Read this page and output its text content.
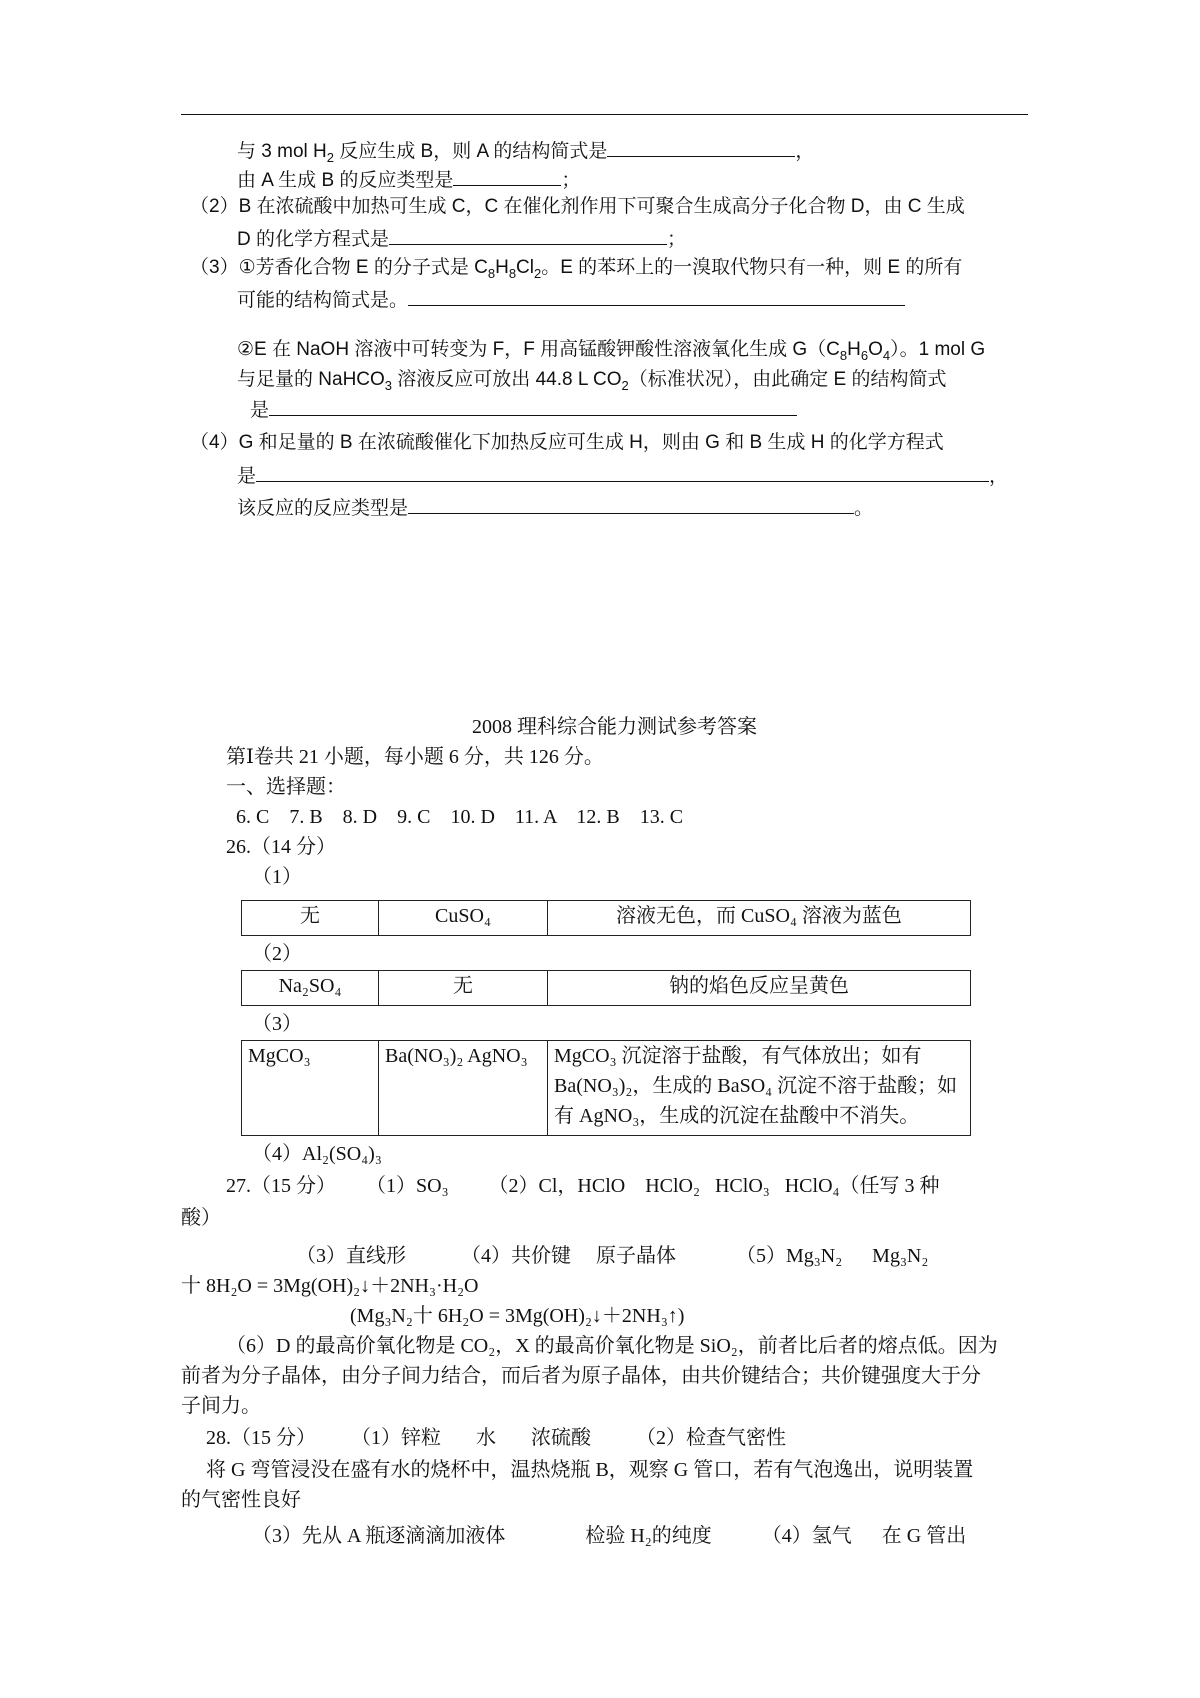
与 3 mol $H_2$ 反应生成 B，则 A 的结构简式是	，
由 A 生成 B 的反应类型是	；
（2）B 在浓硫酸中加热可生成 C，C 在催化剂作用下可聚合生成高分子化合物 D，由 C 生成
D 的化学方程式是	；
（3）①芳香化合物 E 的分子式是 $C_8H_8Cl_2$。E 的苯环上的一溴取代物只有一种，则 E 的所有
可能的结构简式是。
②E 在 NaOH 溶液中可转变为 F，F 用高锰酸钾酸性溶液氧化生成 $G(C_8H_6O_4)$。1 mol G
与足量的 NaHCO$_3$ 溶液反应可放出 44.8 L $CO_2$（标准状况），由此确定 E 的结构简式
是
（4）G 和足量的 B 在浓硫酸催化下加热反应可生成 H，则由 G 和 B 生成 H 的化学方程式
是	，
该反应的反应类型是	。
2008 理科综合能力测试参考答案
第Ⅰ卷共 21 小题，每小题 6 分，共 126 分。
一、选择题：
6. C    7. B    8. D    9. C    10. D    11. A    12. B    13. C
26.（14 分）
（1）
无	CuSO₄	溶液无色，而 CuSO₄ 溶液为蓝色
（2）
Na₂SO₄	无	钠的焰色反应呈黄色
（3）
MgCO₃	Ba(NO₃)₂ AgNO₃	MgCO₃ 沉淀溶于盐酸，有气体放出；如有
Ba(NO₃)₂，生成的 BaSO₄ 沉淀不溶于盐酸；如
有 AgNO₃，生成的沉淀在盐酸中不消失。
（4）Al₂(SO₄)₃
27.（15 分）      （1）SO₃        （2）Cl，HClO    HClO₂   HClO₃   HClO₄（任写 3 种
酸）
（3）直线形           （4）共价键     原子晶体            （5）Mg₃N₂      Mg₃N₂
十 8H₂O = 3Mg(OH)₂↓＋2NH₃·H₂O
(Mg₃N₂十 6H₂O = 3Mg(OH)₂↓＋2NH₃↑)
（6）D 的最高价氧化物是 CO₂，X 的最高价氧化物是 SiO₂，前者比后者的熔点低。因为
前者为分子晶体，由分子间力结合，而后者为原子晶体，由共价键结合；共价键强度大于分
子间力。
28.（15 分）       （1）锌粒       水       浓硫酸         （2）检查气密性
将 G 弯管浸没在盛有水的烧杯中，温热烧瓶 B，观察 G 管口，若有气泡逸出，说明装置
的气密性良好
（3）先从 A 瓶逐滴滴加液体                检验 H₂的纯度          （4）氢气      在 G 管出
